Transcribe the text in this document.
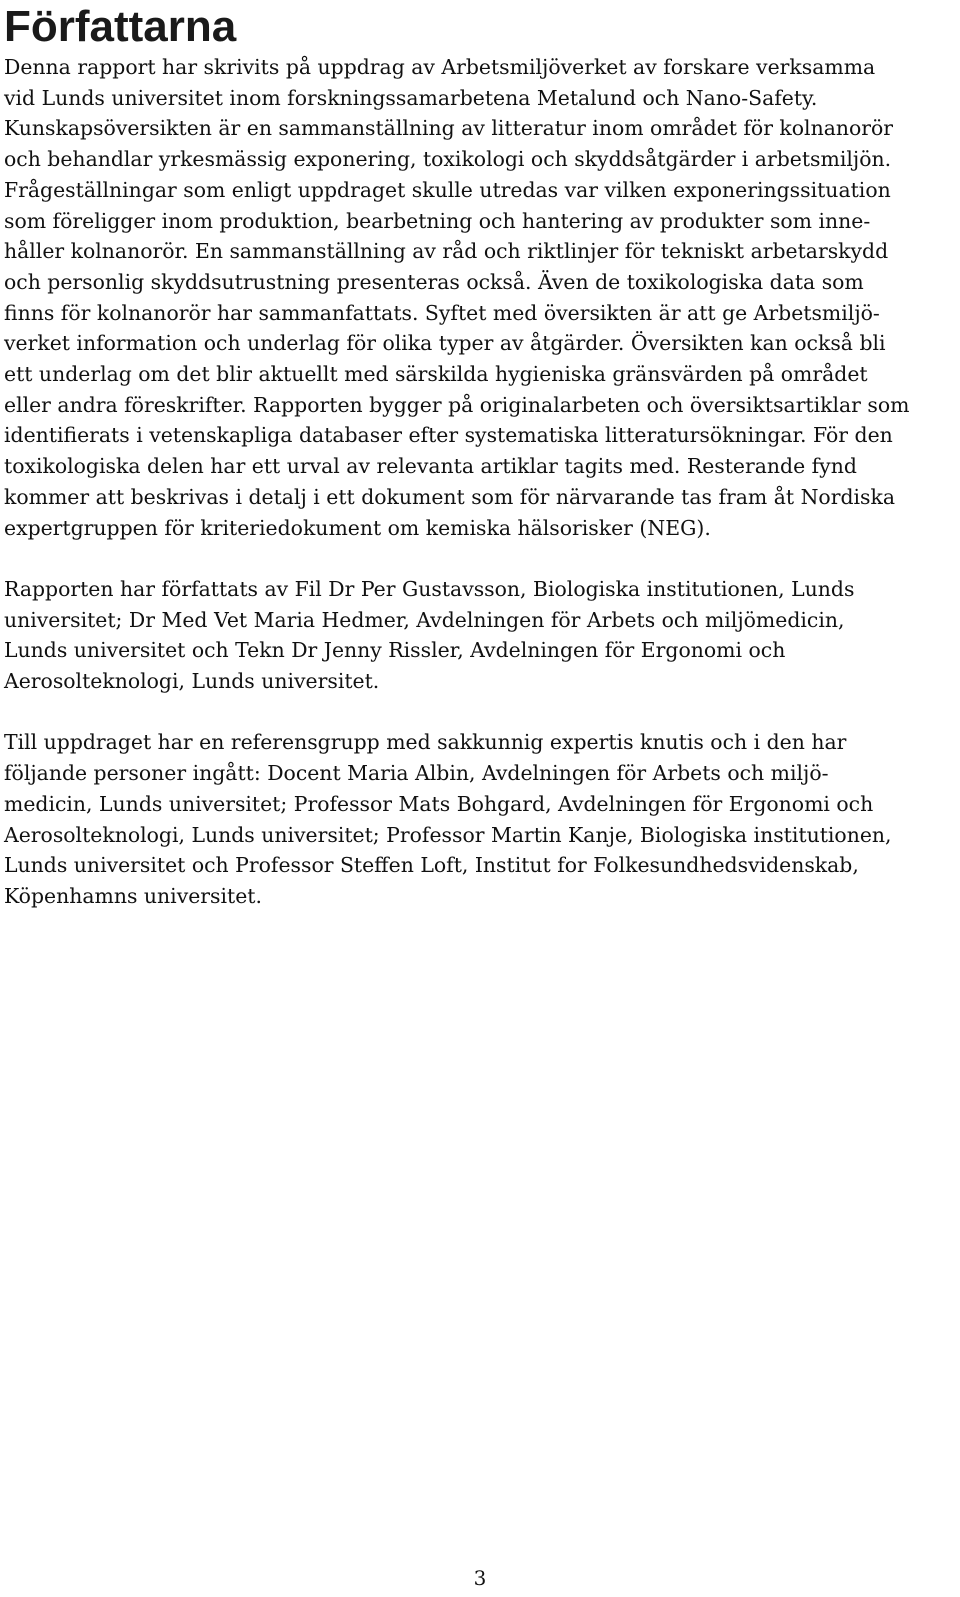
Författarna

Denna rapport har skrivits på uppdrag av Arbetsmiljöverket av forskare verksamma
vid Lunds universitet inom forskningssamarbetena Metalund och Nano-Safety.
Kunskapsöversikten är en sammanställning av litteratur inom området för kolnanorör
och behandlar yrkesmässig exponering, toxikologi och skyddsåtgärder i arbetsmiljön.
Frågeställningar som enligt uppdraget skulle utredas var vilken exponeringssituation
som föreligger inom produktion, bearbetning och hantering av produkter som inne-
håller kolnanorör. En sammanställning av råd och riktlinjer för tekniskt arbetarskydd
och personlig skyddsutrustning presenteras också. Även de toxikologiska data som
finns för kolnanorör har sammanfattats. Syftet med översikten är att ge Arbetsmiljö-
verket information och underlag för olika typer av åtgärder. Översikten kan också bli
ett underlag om det blir aktuellt med särskilda hygieniska gränsvärden på området
eller andra föreskrifter. Rapporten bygger på originalarbeten och översiktsartiklar som
identifierats i vetenskapliga databaser efter systematiska litteratursökningar. För den
toxikologiska delen har ett urval av relevanta artiklar tagits med. Resterande fynd
kommer att beskrivas i detalj i ett dokument som för närvarande tas fram åt Nordiska
expertgruppen för kriteriedokument om kemiska hälsorisker (NEG).

Rapporten har författats av Fil Dr Per Gustavsson, Biologiska institutionen, Lunds
universitet; Dr Med Vet Maria Hedmer, Avdelningen för Arbets och miljömedicin,
Lunds universitet och Tekn Dr Jenny Rissler, Avdelningen för Ergonomi och
Aerosolteknologi, Lunds universitet.

Till uppdraget har en referensgrupp med sakkunnig expertis knutis och i den har
följande personer ingått: Docent Maria Albin, Avdelningen för Arbets och miljö-
medicin, Lunds universitet; Professor Mats Bohgard, Avdelningen för Ergonomi och
Aerosolteknologi, Lunds universitet; Professor Martin Kanje, Biologiska institutionen,
Lunds universitet och Professor Steffen Loft, Institut for Folkesundhedsvidenskab,
Köpenhamns universitet.

3
